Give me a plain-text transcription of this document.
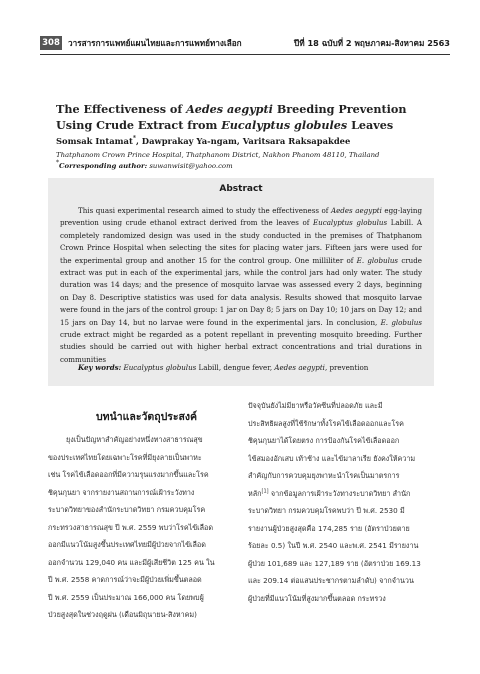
308 วารสารการแพทย์แผนไทยและการแพทย์ทางเลือก	ปีที่ 18 ฉบับที่ 2 พฤษภาคม-สิงหาคม 2563
The Effectiveness of Aedes aegypti Breeding Prevention Using Crude Extract from Eucalyptus globules Leaves
Somsak Intamat*, Dawprakay Ya-ngam, Varitsara Raksapakdee
Thatphanom Crown Prince Hospital, Thatphanom District, Nakhon Phanom 48110, Thailand
*Corresponding author: suwanwisit@yahoo.com
Abstract
This quasi experimental research aimed to study the effectiveness of Aedes aegypti egg-laying prevention using crude ethanol extract derived from the leaves of Eucalyptus globulus Labill. A completely randomized design was used in the study conducted in the premises of Thatphanom Crown Prince Hospital when selecting the sites for placing water jars. Fifteen jars were used for the experimental group and another 15 for the control group. One milliliter of E. globulus crude extract was put in each of the experimental jars, while the control jars had only water. The study duration was 14 days; and the presence of mosquito larvae was assessed every 2 days, beginning on Day 8. Descriptive statistics was used for data analysis. Results showed that mosquito larvae were found in the jars of the control group: 1 jar on Day 8; 5 jars on Day 10; 10 jars on Day 12; and 15 jars on Day 14, but no larvae were found in the experimental jars. In conclusion, E. globulus crude extract might be regarded as a potent repellant in preventing mosquito breeding. Further studies should be carried out with higher herbal extract concentrations and trial durations in communities
Key words: Eucalyptus globulus Labill, dengue fever, Aedes aegypti, prevention
บทนำและวัตถุประสงค์
ยุงเป็นปัญหาสำคัญอย่างหนึ่งทางสาธารณสุข
ของประเทศไทยโดยเฉพาะโรคที่มียุงลายเป็นพาหะ
เช่น โรคไข้เลือดออกที่มีความรุนแรงมากขึ้นและโรค
ชิคุนกุนยา จากรายงานสถานการณ์เฝ้าระวังทาง
ระบาดวิทยาของสำนักระบาดวิทยา กรมควบคุมโรค
กระทรวงสาธารณสุข ปี พ.ศ. 2559 พบว่าโรคไข้เลือด
ออกมีแนวโน้มสูงขึ้นประเทศไทยมีผู้ป่วยจากไข้เลือด
ออกจำนวน 129,040 คน และมีผู้เสียชีวิต 125 คน ใน
ปี พ.ศ. 2558 คาดการณ์ว่าจะมีผู้ป่วยเพิ่มขึ้นตลอด
ปี พ.ศ. 2559 เป็นประมาณ 166,000 คน โดยพบผู้
ป่วยสูงสุดในช่วงฤดูฝน (เดือนมิถุนายน-สิงหาคม)
ปัจจุบันยังไม่มียาหรือวัคซีนที่ปลอดภัย และมี
ประสิทธิผลสูงที่ใช้รักษาทั้งโรคไข้เลือดออกและโรค
ชิคุนกุนยาได้โดยตรง การป้องกันโรคไข้เลือดออก
ไข้สมองอักเสบ เท้าช้าง และไข้มาลาเรีย ยังคงให้ความ
สำคัญกับการควบคุมยุงพาหะนำโรคเป็นมาตรการ
หลัก[1] จากข้อมูลการเฝ้าระวังทางระบาดวิทยา สำนัก
ระบาดวิทยา กรมควบคุมโรคพบว่า ปี พ.ศ. 2530 มี
รายงานผู้ป่วยสูงสุดคือ 174,285 ราย (อัตราป่วยตาย
ร้อยละ 0.5) ในปี พ.ศ. 2540 และพ.ศ. 2541 มีรายงาน
ผู้ป่วย 101,689 และ 127,189 ราย (อัตราป่วย 169.13
และ 209.14 ต่อแสนประชากรตามลำดับ) จากจำนวน
ผู้ป่วยที่มีแนวโน้มที่สูงมากขึ้นตลอด กระทรวง
